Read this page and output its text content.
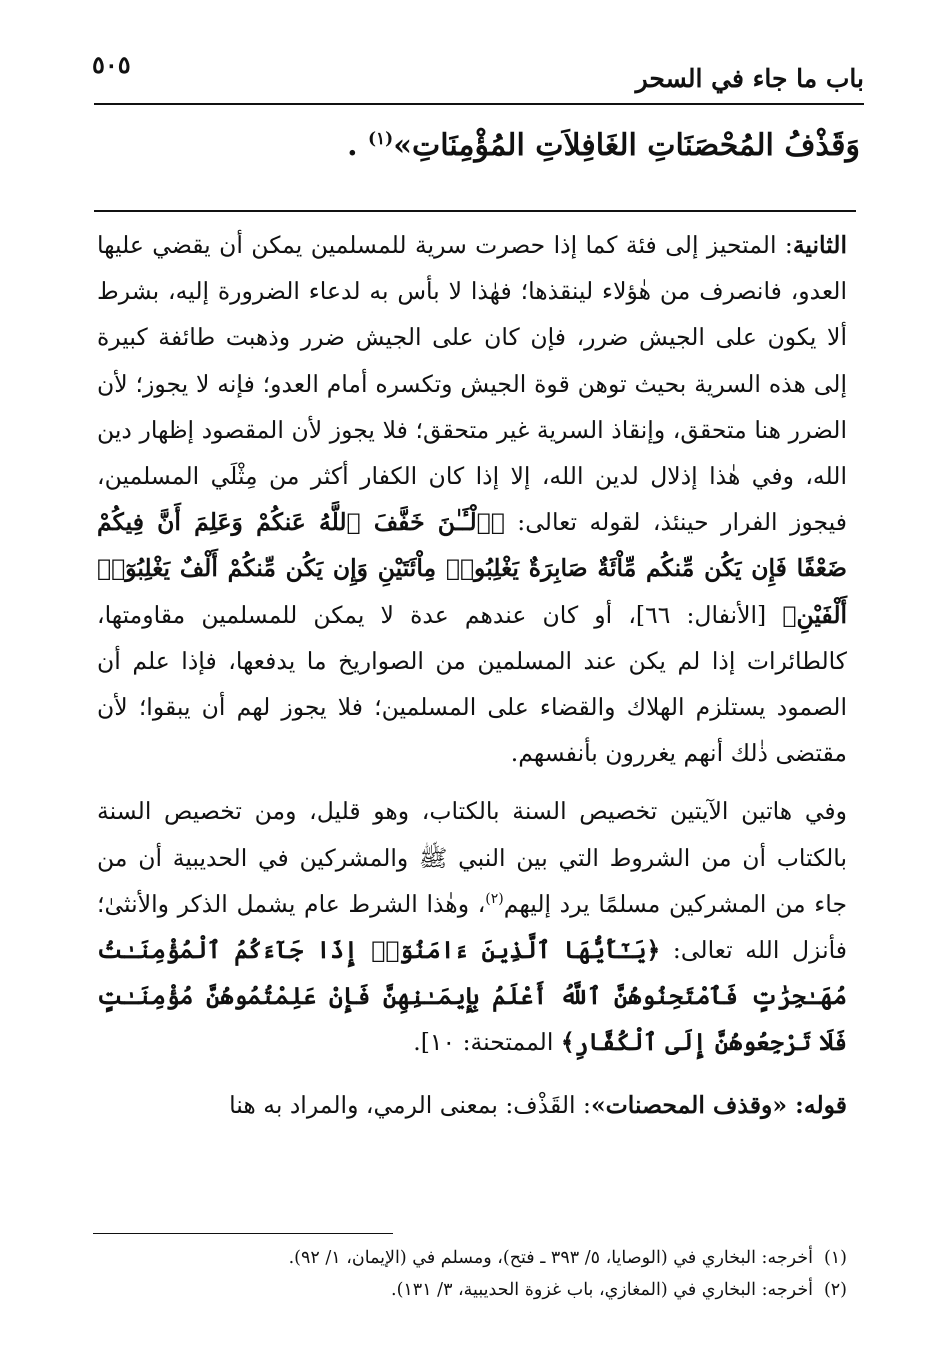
٥٠٥	باب ما جاء في السحر
وَقَذْفُ المُحْصَنَاتِ الغَافِلاَتِ المُؤْمِنَاتِ»$^{(١)}$ .

الثانية: المتحيز إلى فئة كما إذا حصرت سرية للمسلمين يمكن أن يقضي عليها العدو، فانصرف من هٰؤلاء لينقذها؛ فهٰذا لا بأس به لدعاء الضرورة إليه، بشرط ألا يكون على الجيش ضرر، فإن كان على الجيش ضرر وذهبت طائفة كبيرة إلى هذه السرية بحيث توهن قوة الجيش وتكسره أمام العدو؛ فإنه لا يجوز؛ لأن الضرر هنا متحقق، وإنقاذ السرية غير متحقق؛ فلا يجوز لأن المقصود إظهار دين الله، وفي هٰذا إذلال لدين الله، إلا إذا كان الكفار أكثر من مِثْلَي المسلمين، فيجوز الفرار حينئذ، لقوله تعالى: ﴿ٱلْـَٔـٰنَ خَفَّفَ ٱللَّهُ عَنكُمْ وَعَلِمَ أَنَّ فِيكُمْ ضَعْفًا فَإِن يَكُن مِّنكُم مِّاْئَةٌ صَابِرَةٌ يَغْلِبُوا۟ مِاْئَتَيْنِ وَإِن يَكُن مِّنكُمْ أَلْفٌ يَغْلِبُوٓا۟ أَلْفَيْنِ﴾ [الأنفال: ٦٦]، أو كان عندهم عدة لا يمكن للمسلمين مقاومتها، كالطائرات إذا لم يكن عند المسلمين من الصواريخ ما يدفعها، فإذا علم أن الصمود يستلزم الهلاك والقضاء على المسلمين؛ فلا يجوز لهم أن يبقوا؛ لأن مقتضى ذٰلك أنهم يغررون بأنفسهم.

وفي هاتين الآيتين تخصيص السنة بالكتاب، وهو قليل، ومن تخصيص السنة بالكتاب أن من الشروط التي بين النبي ﷺ والمشركين في الحديبية أن من جاء من المشركين مسلمًا يرد إليهم$^{(٢)}$، وهٰذا الشرط عام يشمل الذكر والأنثىٰ؛ فأنزل الله تعالى: ﴿يَـٰٓأَيُّهَا ٱلَّذِينَ ءَامَنُوٓا۟ إِذَا جَآءَكُمُ ٱلْمُؤْمِنَـٰتُ مُهَـٰجِرَٰتٍ فَٱمْتَحِنُوهُنَّ ٱللَّهُ أَعْلَمُ بِإِيمَـٰنِهِنَّ فَإِنْ عَلِمْتُمُوهُنَّ مُؤْمِنَـٰتٍ فَلَا تَرْجِعُوهُنَّ إِلَى ٱلْكُفَّارِ﴾ الممتحنة: ١٠].

قوله: «وقذف المحصنات»: القَذْف: بمعنى الرمي، والمراد به هنا

(١)أخرجه: البخاري في (الوصايا، ٥/ ٣٩٣ ـ فتح)، ومسلم في (الإيمان، ١/ ٩٢).
(٢)أخرجه: البخاري في (المغازي، باب غزوة الحديبية، ٣/ ١٣١).
